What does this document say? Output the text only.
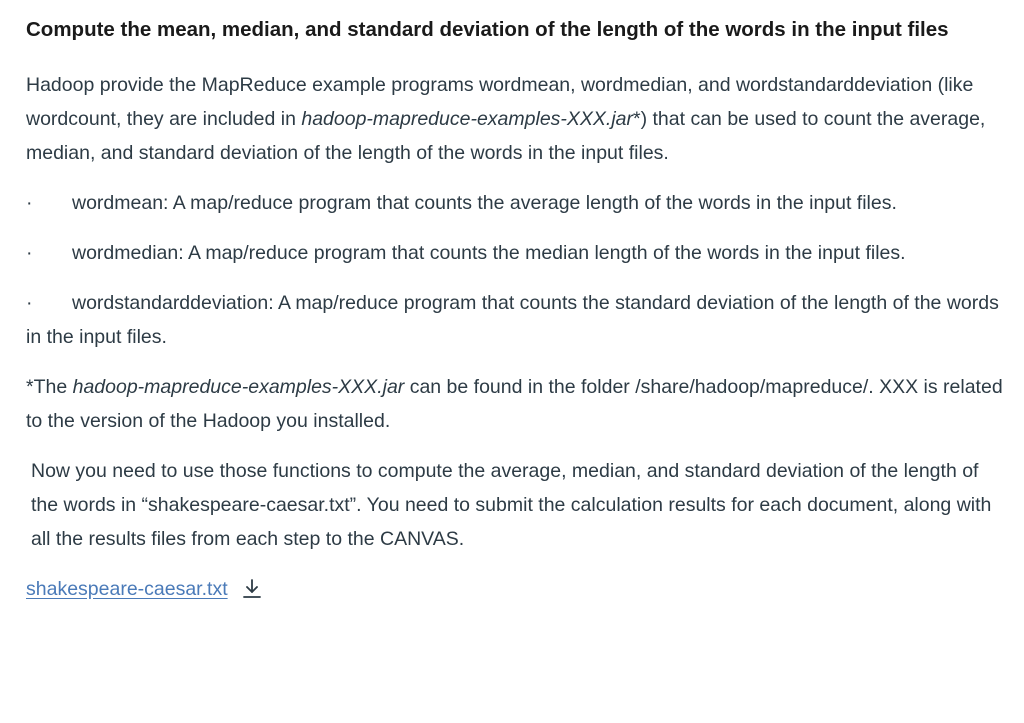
Compute the mean, median, and standard deviation of the length of the words in the input files

Hadoop provide the MapReduce example programs wordmean, wordmedian, and wordstandarddeviation (like wordcount, they are included in hadoop-mapreduce-examples-XXX.jar*) that can be used to count the average, median, and standard deviation of the length of the words in the input files.

· wordmean: A map/reduce program that counts the average length of the words in the input files.

· wordmedian: A map/reduce program that counts the median length of the words in the input files.

· wordstandarddeviation: A map/reduce program that counts the standard deviation of the length of the words in the input files.

*The hadoop-mapreduce-examples-XXX.jar can be found in the folder /share/hadoop/mapreduce/. XXX is related to the version of the Hadoop you installed.

Now you need to use those functions to compute the average, median, and standard deviation of the length of the words in “shakespeare-caesar.txt”. You need to submit the calculation results for each document, along with all the results files from each step to the CANVAS.

shakespeare-caesar.txt
